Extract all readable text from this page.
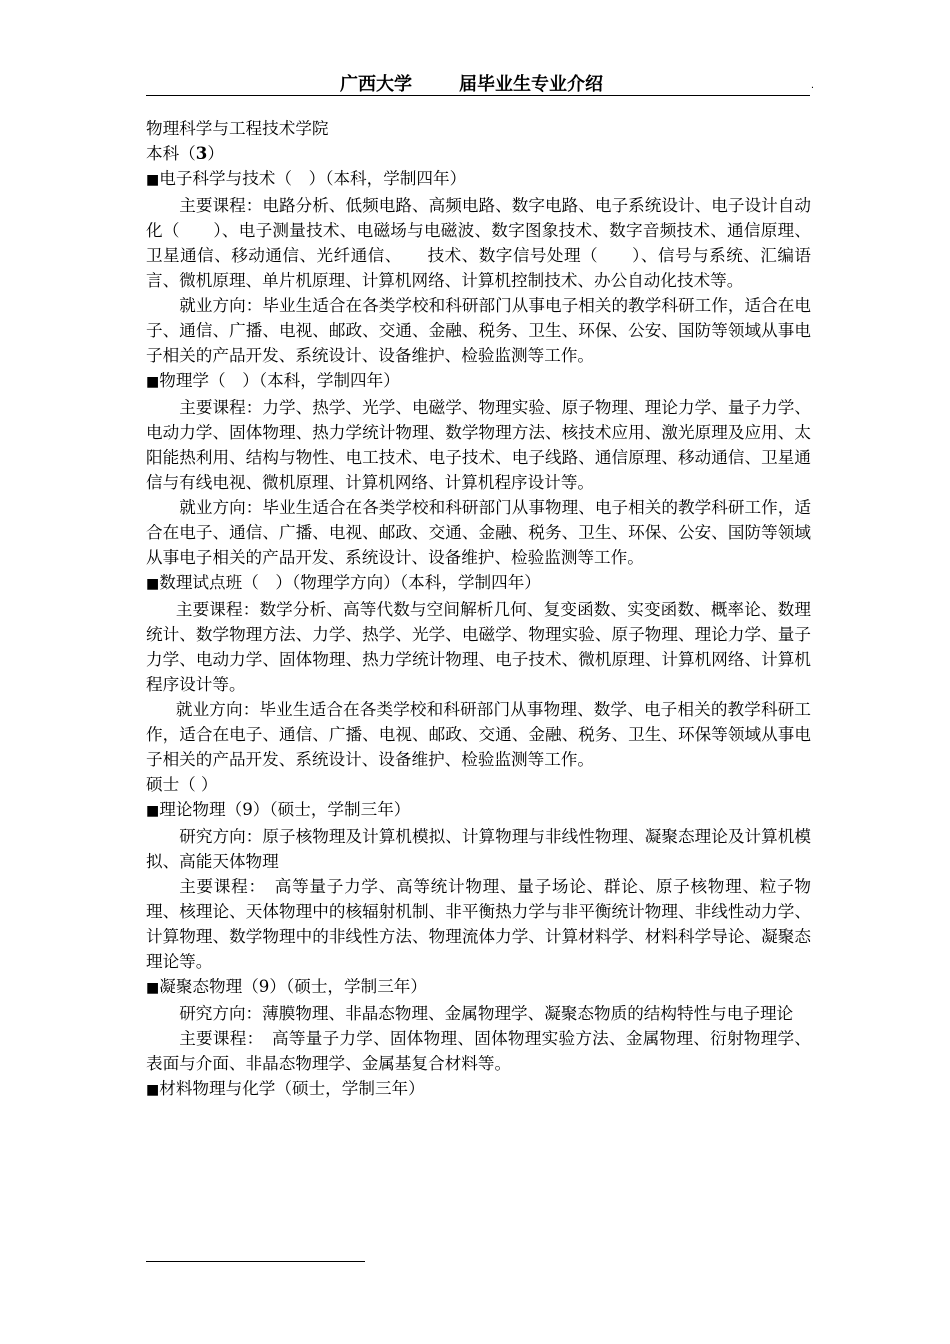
广西大学	届毕业生专业介绍	.

物理科学与工程技术学院

本科（3）

■电子科学与技术（　）（本科，学制四年）

主要课程：电路分析、低频电路、高频电路、数字电路、电子系统设计、电子设计自动化（　　）、电子测量技术、电磁场与电磁波、数字图象技术、数字音频技术、通信原理、卫星通信、移动通信、光纤通信、　　技术、数字信号处理（　　）、信号与系统、汇编语言、微机原理、单片机原理、计算机网络、计算机控制技术、办公自动化技术等。

就业方向：毕业生适合在各类学校和科研部门从事电子相关的教学科研工作，适合在电子、通信、广播、电视、邮政、交通、金融、税务、卫生、环保、公安、国防等领域从事电子相关的产品开发、系统设计、设备维护、检验监测等工作。

■物理学（　）（本科，学制四年）

主要课程：力学、热学、光学、电磁学、物理实验、原子物理、理论力学、量子力学、电动力学、固体物理、热力学统计物理、数学物理方法、核技术应用、激光原理及应用、太阳能热利用、结构与物性、电工技术、电子技术、电子线路、通信原理、移动通信、卫星通信与有线电视、微机原理、计算机网络、计算机程序设计等。

就业方向：毕业生适合在各类学校和科研部门从事物理、电子相关的教学科研工作，适合在电子、通信、广播、电视、邮政、交通、金融、税务、卫生、环保、公安、国防等领域从事电子相关的产品开发、系统设计、设备维护、检验监测等工作。

■数理试点班（　）（物理学方向）（本科，学制四年）

主要课程：数学分析、高等代数与空间解析几何、复变函数、实变函数、概率论、数理统计、数学物理方法、力学、热学、光学、电磁学、物理实验、原子物理、理论力学、量子力学、电动力学、固体物理、热力学统计物理、电子技术、微机原理、计算机网络、计算机程序设计等。

就业方向：毕业生适合在各类学校和科研部门从事物理、数学、电子相关的教学科研工作，适合在电子、通信、广播、电视、邮政、交通、金融、税务、卫生、环保等领域从事电子相关的产品开发、系统设计、设备维护、检验监测等工作。

硕士（ ）

■理论物理（9）（硕士，学制三年）

研究方向：原子核物理及计算机模拟、计算物理与非线性物理、凝聚态理论及计算机模拟、高能天体物理

主要课程：　高等量子力学、高等统计物理、量子场论、群论、原子核物理、粒子物理、核理论、天体物理中的核辐射机制、非平衡热力学与非平衡统计物理、非线性动力学、计算物理、数学物理中的非线性方法、物理流体力学、计算材料学、材料科学导论、凝聚态理论等。

■凝聚态物理（9）（硕士，学制三年）

研究方向：薄膜物理、非晶态物理、金属物理学、凝聚态物质的结构特性与电子理论

主要课程：　高等量子力学、固体物理、固体物理实验方法、金属物理、衍射物理学、表面与介面、非晶态物理学、金属基复合材料等。

■材料物理与化学（硕士，学制三年）
